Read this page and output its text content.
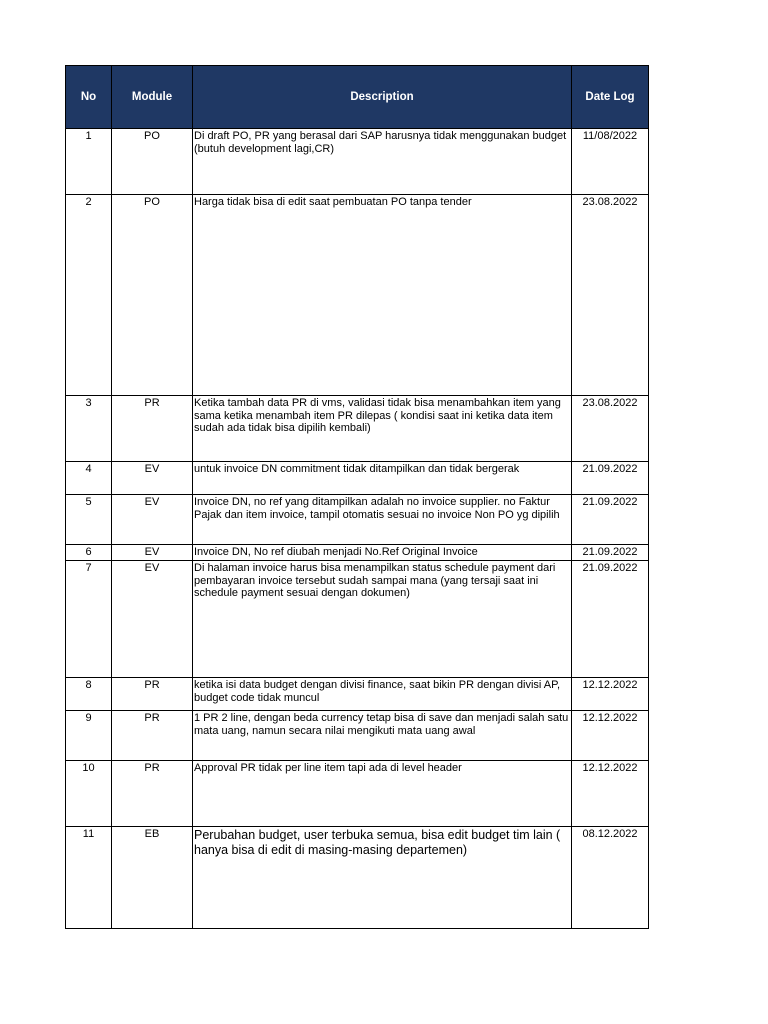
No	Module	Description	Date Log
1	PO	Di draft PO, PR yang berasal dari SAP harusnya tidak menggunakan budget (butuh development lagi,CR)	11/08/2022
2	PO	Harga tidak bisa di edit saat pembuatan PO tanpa tender	23.08.2022
3	PR	Ketika tambah data PR di vms, validasi tidak bisa menambahkan item yang sama ketika menambah item PR dilepas ( kondisi saat ini ketika data item sudah ada tidak bisa dipilih kembali)	23.08.2022
4	EV	untuk invoice DN commitment tidak ditampilkan dan tidak bergerak	21.09.2022
5	EV	Invoice DN, no ref yang ditampilkan adalah no invoice supplier. no Faktur Pajak dan item invoice, tampil otomatis sesuai no invoice Non PO yg dipilih	21.09.2022
6	EV	Invoice DN, No ref diubah menjadi No.Ref Original Invoice	21.09.2022
7	EV	Di halaman invoice harus bisa menampilkan status schedule payment dari pembayaran invoice tersebut sudah sampai mana (yang tersaji saat ini schedule payment sesuai dengan dokumen)	21.09.2022
8	PR	ketika isi data budget dengan divisi finance, saat bikin PR dengan divisi AP, budget code tidak muncul	12.12.2022
9	PR	1 PR 2 line, dengan beda currency tetap bisa di save dan menjadi salah satu mata uang, namun secara nilai mengikuti mata uang awal	12.12.2022
10	PR	Approval PR tidak per line item tapi ada di level header	12.12.2022
11	EB	Perubahan budget, user terbuka semua, bisa edit budget tim lain ( hanya bisa di edit di masing-masing departemen)	08.12.2022
